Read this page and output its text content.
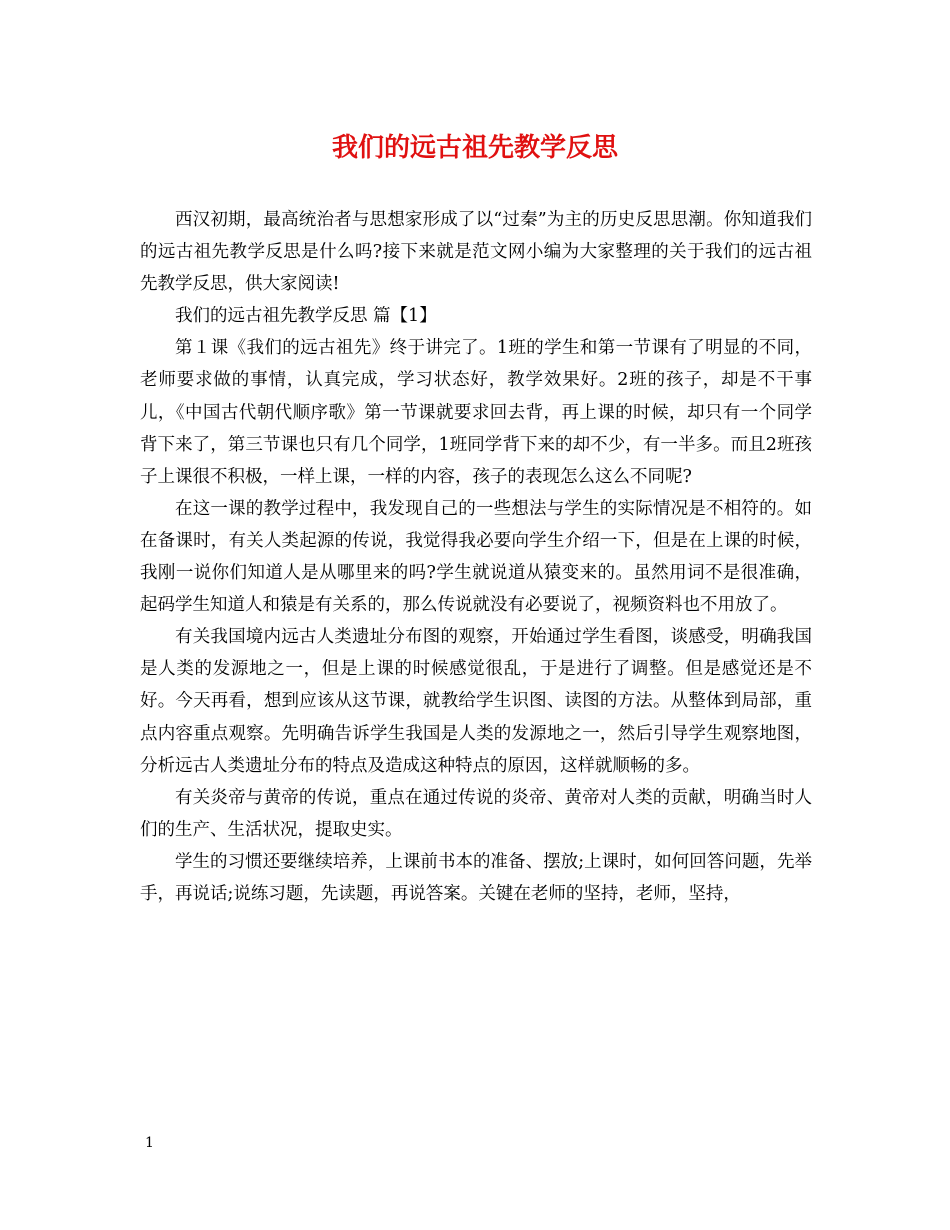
我们的远古祖先教学反思

西汉初期，最高统治者与思想家形成了以“过秦”为主的历史反思思潮。你知道我们的远古祖先教学反思是什么吗?接下来就是范文网小编为大家整理的关于我们的远古祖先教学反思，供大家阅读!

我们的远古祖先教学反思 篇【1】

第１课《我们的远古祖先》终于讲完了。1班的学生和第一节课有了明显的不同，老师要求做的事情，认真完成，学习状态好，教学效果好。2班的孩子，却是不干事儿，《中国古代朝代顺序歌》第一节课就要求回去背，再上课的时候，却只有一个同学背下来了，第三节课也只有几个同学，1班同学背下来的却不少，有一半多。而且2班孩子上课很不积极，一样上课，一样的内容，孩子的表现怎么这么不同呢?

在这一课的教学过程中，我发现自己的一些想法与学生的实际情况是不相符的。如在备课时，有关人类起源的传说，我觉得我必要向学生介绍一下，但是在上课的时候，我刚一说你们知道人是从哪里来的吗?学生就说道从猿变来的。虽然用词不是很准确，起码学生知道人和猿是有关系的，那么传说就没有必要说了，视频资料也不用放了。

有关我国境内远古人类遗址分布图的观察，开始通过学生看图，谈感受，明确我国是人类的发源地之一，但是上课的时候感觉很乱，于是进行了调整。但是感觉还是不好。今天再看，想到应该从这节课，就教给学生识图、读图的方法。从整体到局部，重点内容重点观察。先明确告诉学生我国是人类的发源地之一，然后引导学生观察地图，分析远古人类遗址分布的特点及造成这种特点的原因，这样就顺畅的多。

有关炎帝与黄帝的传说，重点在通过传说的炎帝、黄帝对人类的贡献，明确当时人们的生产、生活状况，提取史实。

学生的习惯还要继续培养，上课前书本的准备、摆放;上课时，如何回答问题，先举手，再说话;说练习题，先读题，再说答案。关键在老师的坚持，老师，坚持，

1
